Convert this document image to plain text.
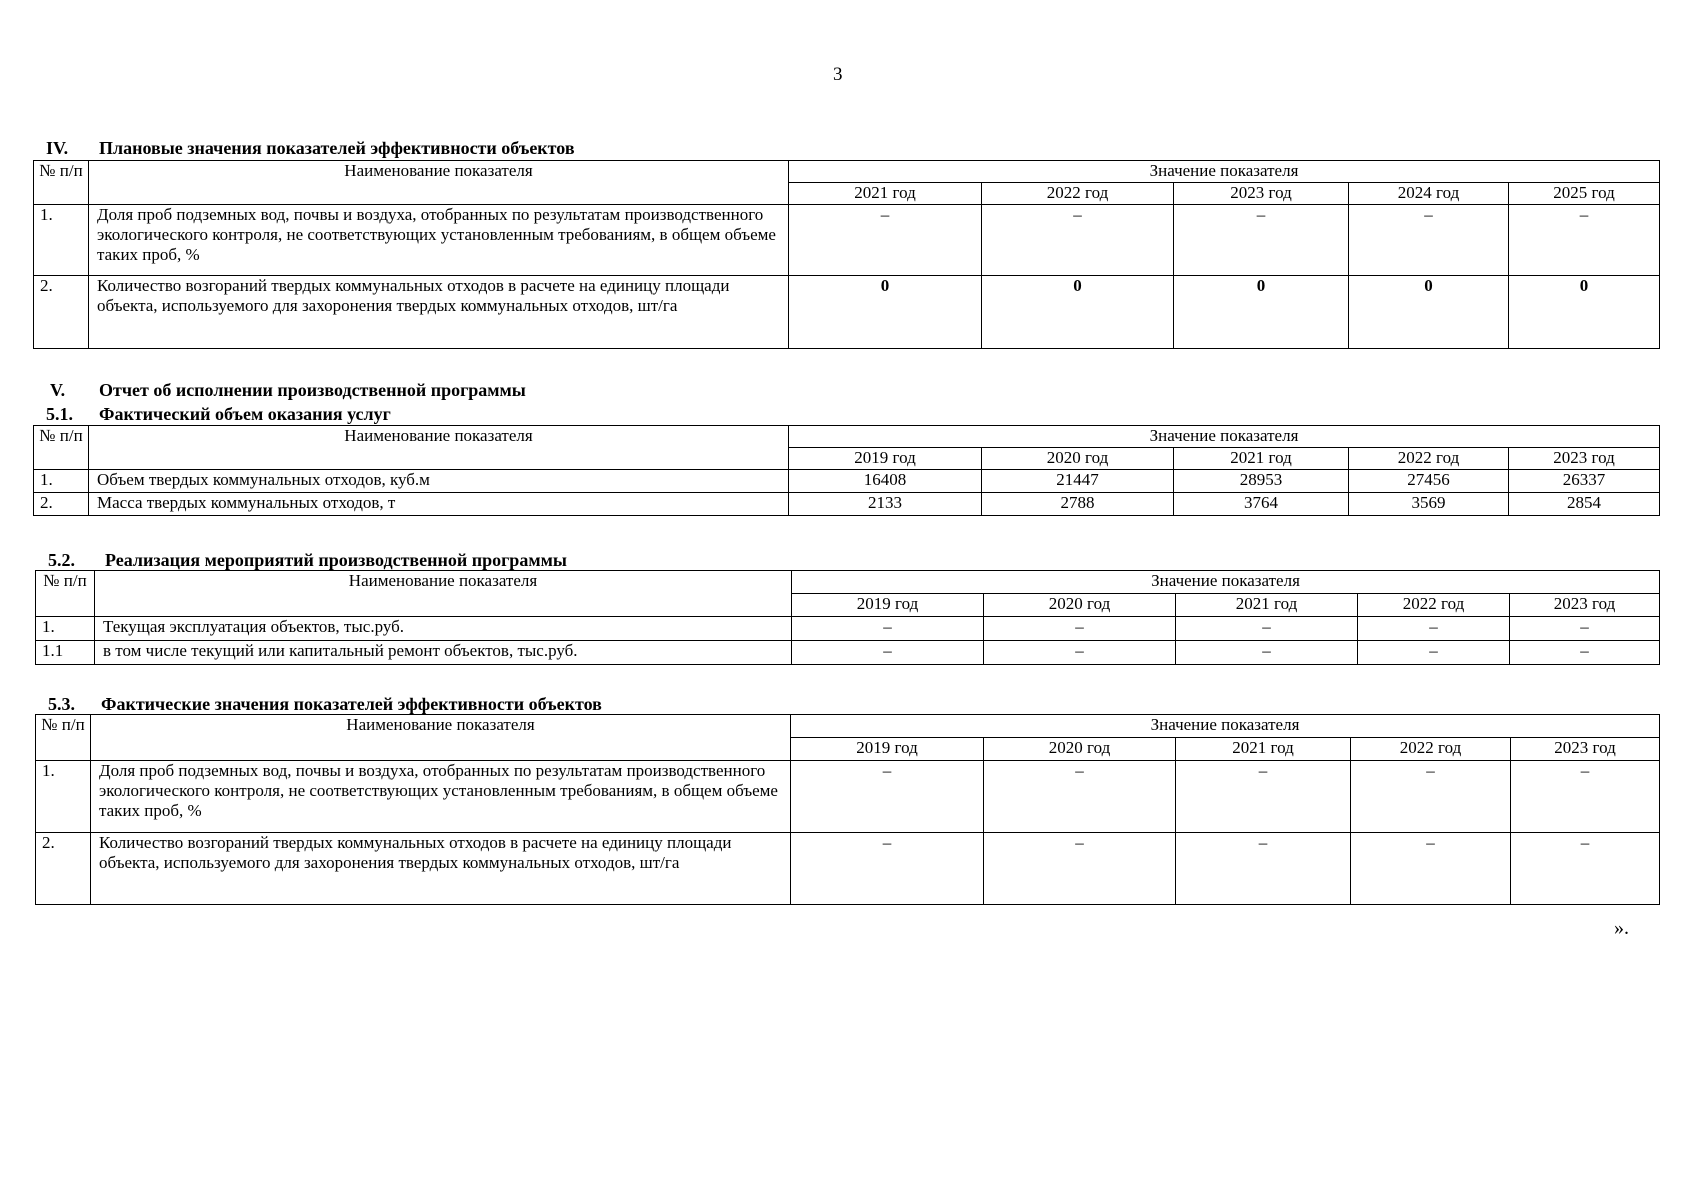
3
IV. Плановые значения показателей эффективности объектов
№ п/п	Наименование показателя	Значение показателя				
		2021 год	2022 год	2023 год	2024 год	2025 год
1.	Доля проб подземных вод, почвы и воздуха, отобранных по результатам производственного экологического контроля, не соответствующих установленным требованиям, в общем объеме таких проб, %	–	–	–	–	–
2.	Количество возгораний твердых коммунальных отходов в расчете на единицу площади объекта, используемого для захоронения твердых коммунальных отходов, шт/га	0	0	0	0	0
V. Отчет об исполнении производственной программы
5.1. Фактический объем оказания услуг
№ п/п	Наименование показателя	Значение показателя				
		2019 год	2020 год	2021 год	2022 год	2023 год
1.	Объем твердых коммунальных отходов, куб.м	16408	21447	28953	27456	26337
2.	Масса твердых коммунальных отходов, т	2133	2788	3764	3569	2854
5.2. Реализация мероприятий производственной программы
№ п/п	Наименование показателя	Значение показателя				
		2019 год	2020 год	2021 год	2022 год	2023 год
1.	Текущая эксплуатация объектов, тыс.руб.	–	–	–	–	–
1.1	в том числе текущий или капитальный ремонт объектов, тыс.руб.	–	–	–	–	–
5.3. Фактические значения показателей эффективности объектов
№ п/п	Наименование показателя	Значение показателя				
		2019 год	2020 год	2021 год	2022 год	2023 год
1.	Доля проб подземных вод, почвы и воздуха, отобранных по результатам производственного экологического контроля, не соответствующих установленным требованиям, в общем объеме таких проб, %	–	–	–	–	–
2.	Количество возгораний твердых коммунальных отходов в расчете на единицу площади объекта, используемого для захоронения твердых коммунальных отходов, шт/га	–	–	–	–	–
».
